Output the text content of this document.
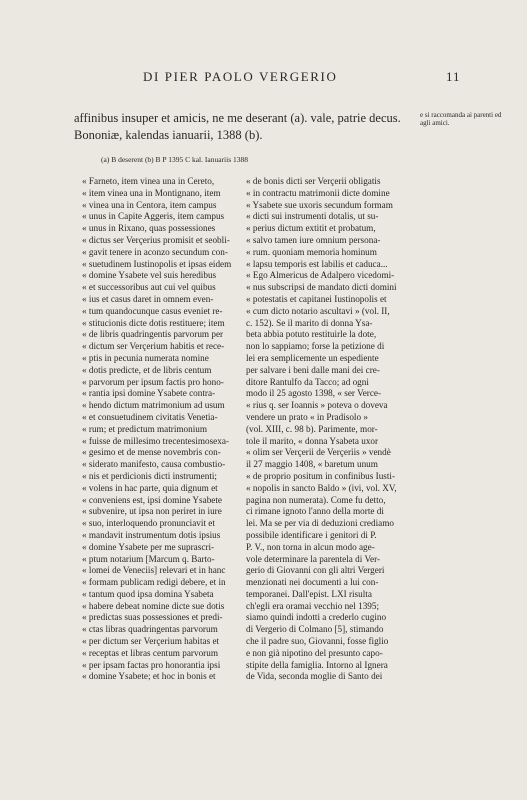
DI PIER PAOLO VERGERIO	11
affinibus insuper et amicis, ne me deserant (a). vale, patrie decus.
Bononiæ, kalendas ianuarii, 1388 (b).
e si raccomanda ai parenti ed agli amici.
(a) B deserent (b) B P 1395 C kal. Ianuariis 1388
« Farneto, item vinea una in Cereto,
« item vinea una in Montignano, item
« vinea una in Centora, item campus
« unus in Capite Aggeris, item campus
« unus in Rixano, quas possessiones
« dictus ser Verçerius promisit et seobli-
« gavit tenere in aconzo secundum con-
« suetudinem Iustinopolis et ipsas eidem
« domine Ysabete vel suis heredibus
« et successoribus aut cui vel quibus
« ius et casus daret in omnem even-
« tum quandocunque casus eveniet re-
« stitucionis dicte dotis restituere; item
« de libris quadringentis parvorum per
« dictum ser Verçerium habitis et rece-
« ptis in pecunia numerata nomine
« dotis predicte, et de libris centum
« parvorum per ipsum factis pro hono-
« rantia ipsi domine Ysabete contra-
« hendo dictum matrimonium ad usum
« et consuetudinem civitatis Venetia-
« rum; et predictum matrimonium
« fuisse de millesimo trecentesimosexa-
« gesimo et de mense novembris con-
« siderato manifesto, causa combustio-
« nis et perdicionis dicti instrumenti;
« volens in hac parte, quia dignum et
« conveniens est, ipsi domine Ysabete
« subvenire, ut ipsa non periret in iure
« suo, interloquendo pronunciavit et
« mandavit instrumentum dotis ipsius
« domine Ysabete per me suprascri-
« ptum notarium [Marcum q. Barto-
« lomei de Veneciis] relevari et in hanc
« formam publicam redigi debere, et in
« tantum quod ipsa domina Ysabeta
« habere debeat nomine dicte sue dotis
« predictas suas possessiones et predi-
« ctas libras quadringentas parvorum
« per dictum ser Verçerium habitas et
« receptas et libras centum parvorum
« per ipsam factas pro honorantia ipsi
« domine Ysabete; et hoc in bonis et
« de bonis dicti ser Verçerii obligatis
« in contractu matrimonii dicte domine
« Ysabete sue uxoris secundum formam
« dicti sui instrumenti dotalis, ut su-
« perius dictum extitit et probatum,
« salvo tamen iure omnium persona-
« rum. quoniam memoria hominum
« lapsu temporis est labilis et caduca...
« Ego Almericus de Adalpero vicedomi-
« nus subscripsi de mandato dicti domini
« potestatis et capitanei Iustinopolis et
« cum dicto notario ascultavi » (vol. II,
c. 152). Se il marito di donna Ysa-
beta abbia potuto restituirle la dote,
non lo sappiamo; forse la petizione di
lei era semplicemente un espediente
per salvare i beni dalle mani dei cre-
ditore Rantulfo da Tacco; ad ogni
modo il 25 agosto 1398, « ser Verce-
« rius q. ser Ioannis » poteva o doveva
vendere un prato « in Pradisolo »
(vol. XIII, c. 98 b). Parimente, mor-
tole il marito, « donna Ysabeta uxor
« olim ser Verçerii de Verçeriis » vendè
il 27 maggio 1408, « baretum unum
« de proprio positum in confinibus Iusti-
« nopolis in sancto Baldo » (ivi, vol. XV,
pagina non numerata). Come fu detto,
ci rimane ignoto l'anno della morte di
lei. Ma se per via di deduzioni crediamo
possibile identificare i genitori di P.
P. V., non torna in alcun modo age-
vole determinare la parentela di Ver-
gerio di Giovanni con gli altri Vergeri
menzionati nei documenti a lui con-
temporanei. Dall'epist. LXI risulta
ch'egli era oramai vecchio nel 1395;
siamo quindi indotti a crederlo cugino
di Vergerio di Colmano [5], stimando
che il padre suo, Giovanni, fosse figlio
e non già nipotino del presunto capo-
stipite della famiglia. Intorno al Ignera
de Vida, seconda moglie di Santo dei
